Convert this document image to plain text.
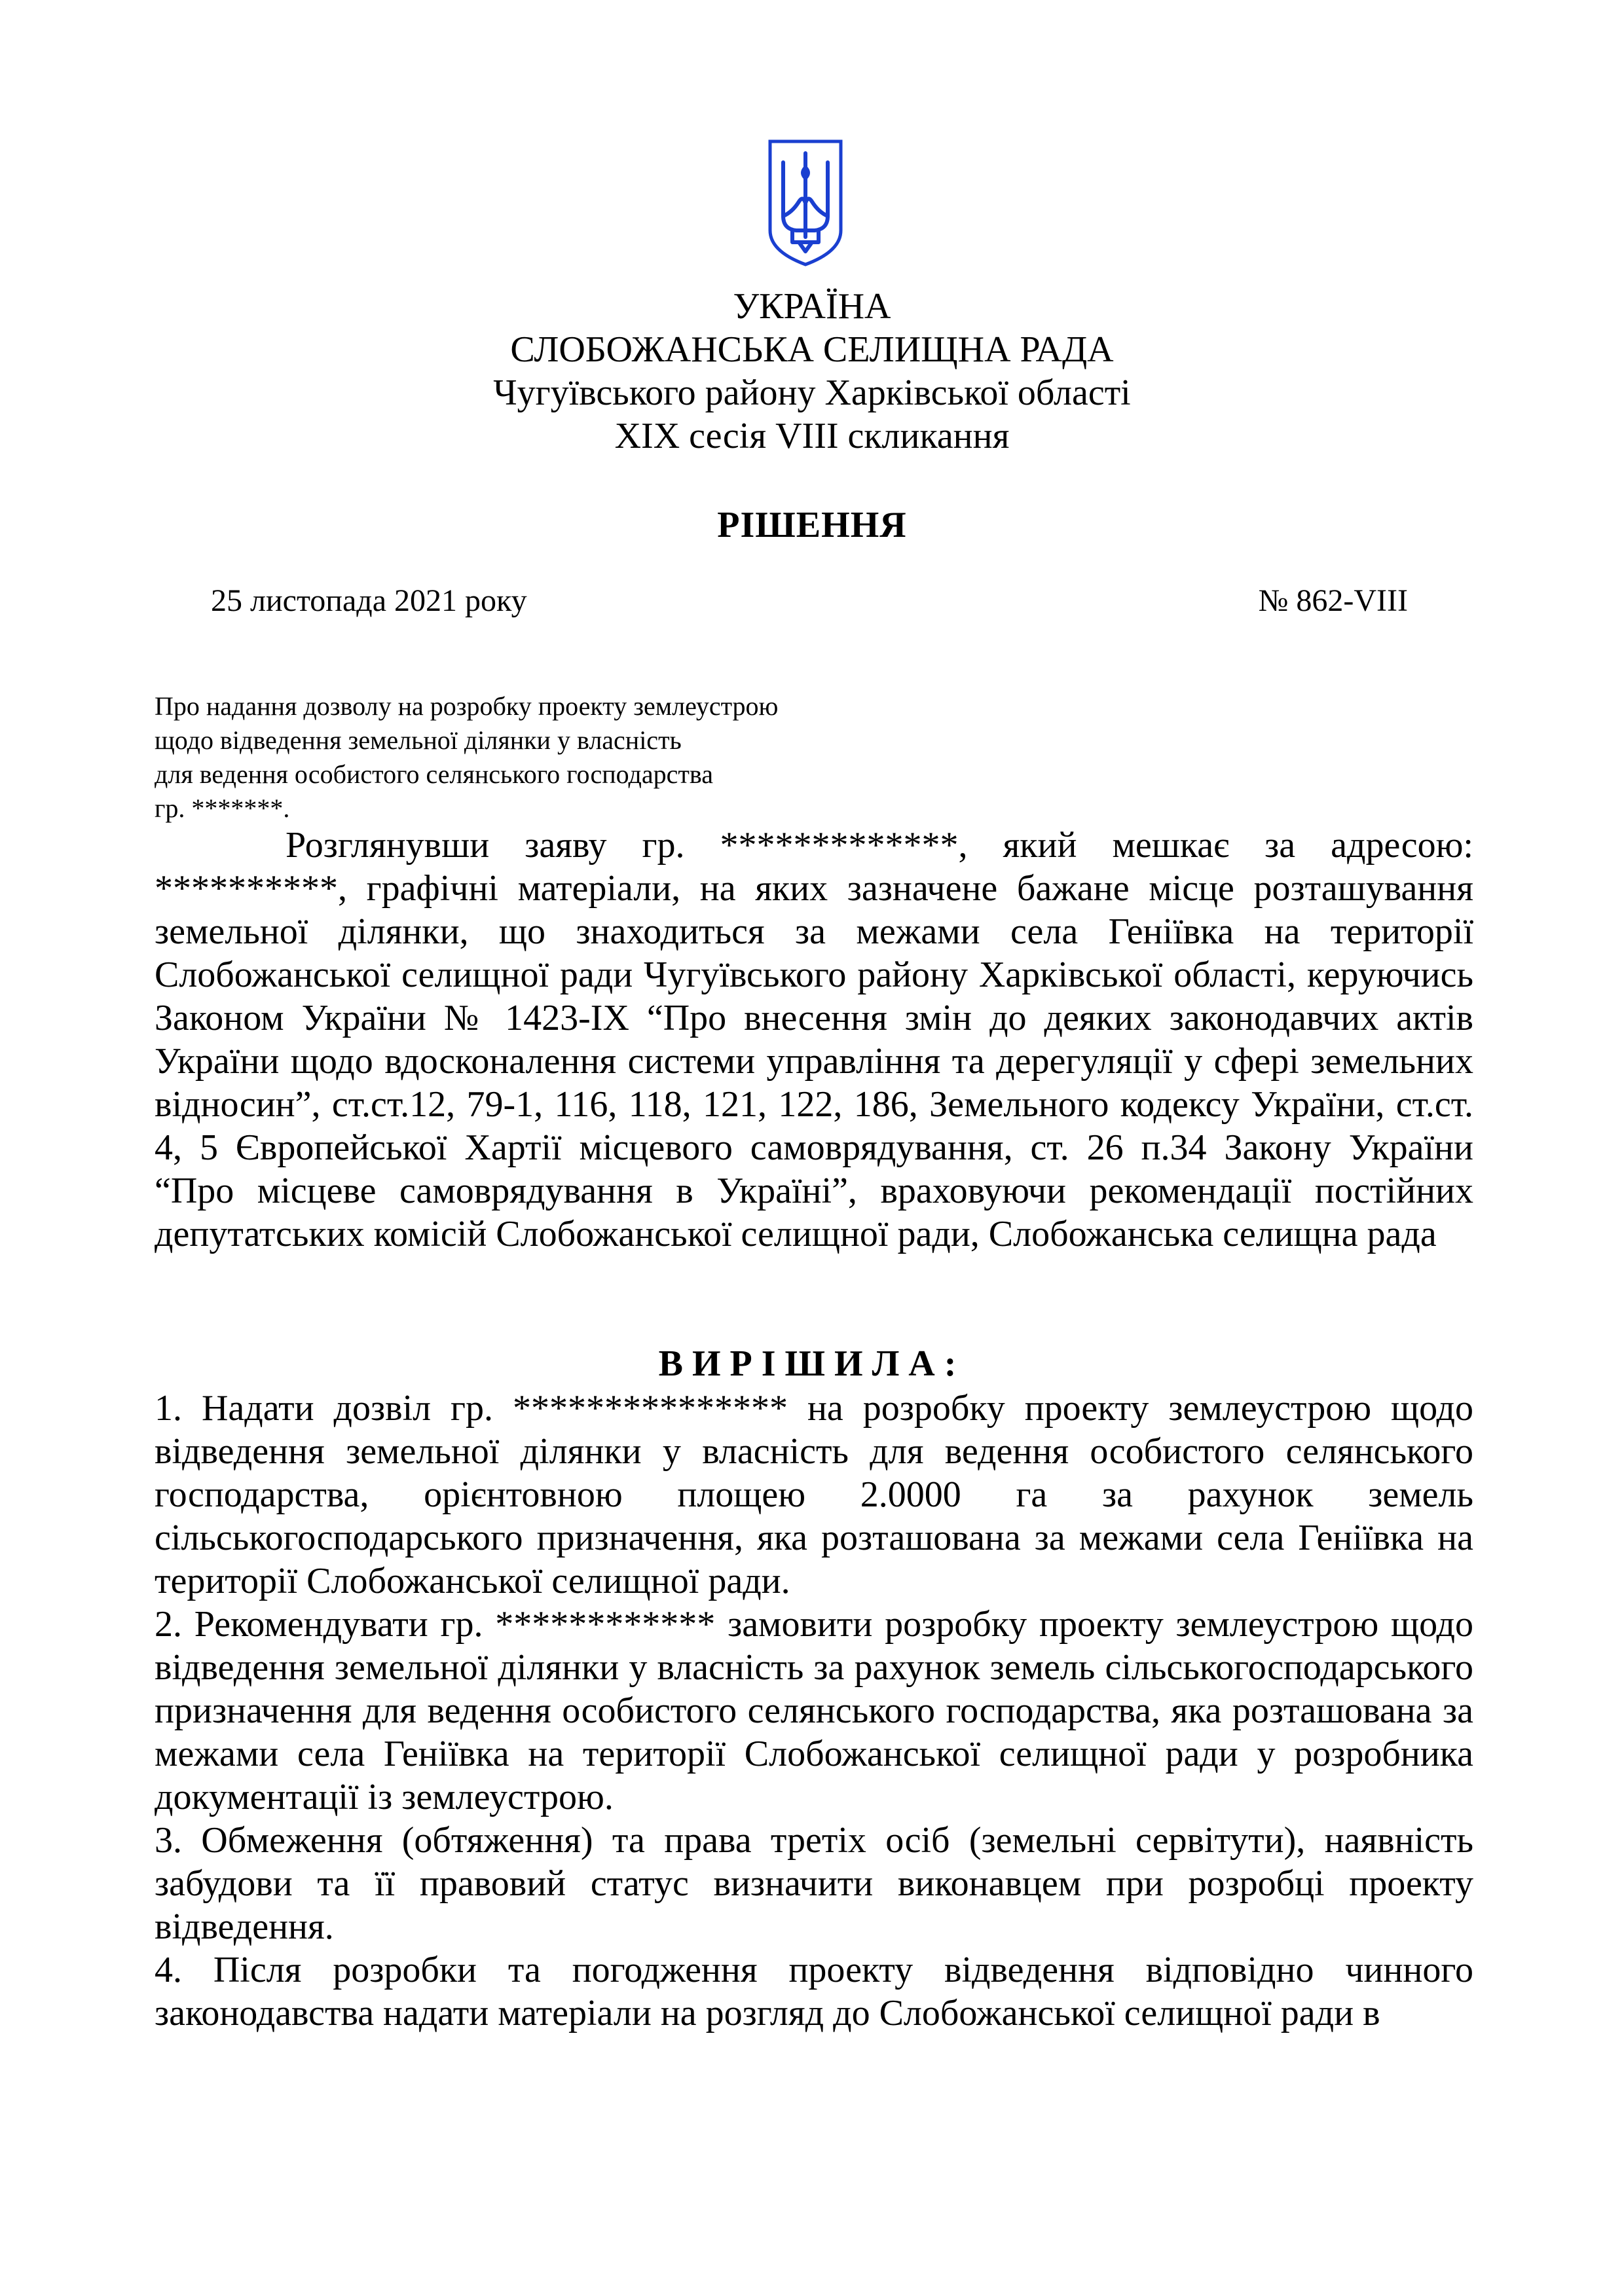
УКРАЇНА
СЛОБОЖАНСЬКА СЕЛИЩНА РАДА
Чугуївського району Харківської області
XIX сесія VIII скликання
РІШЕННЯ
25 листопада 2021 року	№ 862-VIII
Про надання дозволу на розробку проекту землеустрою
щодо відведення земельної ділянки у власність
для ведення особистого селянського господарства
гр. *******.

Розглянувши заяву гр. *************, який мешкає за адресою: **********, графічні матеріали, на яких зазначене бажане місце розташування земельної ділянки, що знаходиться за межами села Геніївка на території Слобожанської селищної ради Чугуївського району Харківської області, керуючись Законом України № 1423-IX “Про внесення змін до деяких законодавчих актів України щодо вдосконалення системи управління та дерегуляції у сфері земельних відносин”, ст.ст.12, 79-1, 116, 118, 121, 122, 186, Земельного кодексу України, ст.ст. 4, 5 Європейської Хартії місцевого самоврядування, ст. 26 п.34 Закону України “Про місцеве самоврядування в Україні”, враховуючи рекомендації постійних депутатських комісій Слобожанської селищної ради, Слобожанська селищна рада

ВИРІШИЛА:

1. Надати дозвіл гр. *************** на розробку проекту землеустрою щодо відведення земельної ділянки у власність для ведення особистого селянського господарства, орієнтовною площею 2.0000 га за рахунок земель сільськогосподарського призначення, яка розташована за межами села Геніївка на території Слобожанської селищної ради.

2. Рекомендувати гр. ************ замовити розробку проекту землеустрою щодо відведення земельної ділянки у власність за рахунок земель сільськогосподарського призначення для ведення особистого селянського господарства, яка розташована за межами села Геніївка на території Слобожанської селищної ради у розробника документації із землеустрою.

3. Обмеження (обтяження) та права третіх осіб (земельні сервітути), наявність забудови та її правовий статус визначити виконавцем при розробці проекту відведення.

4. Після розробки та погодження проекту відведення відповідно чинного законодавства надати матеріали на розгляд до Слобожанської селищної ради в
